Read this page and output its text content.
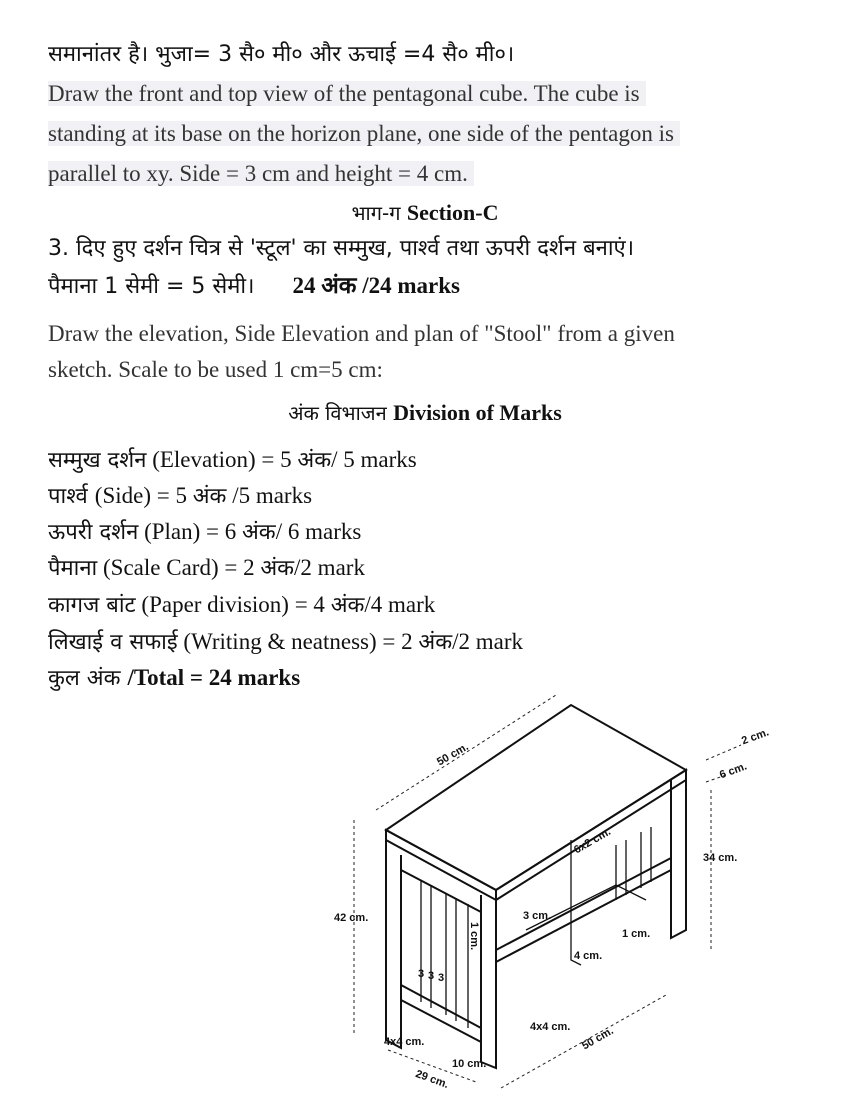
समानांतर है। भुजा= 3 सै० मी० और ऊचाई =4 सै० मी०।
Draw the front and top view of the pentagonal cube. The cube is
standing at its base on the horizon plane, one side of the pentagon is
parallel to xy. Side = 3 cm and height = 4 cm.
भाग-ग Section-C
3. दिए हुए दर्शन चित्र से 'स्टूल' का सम्मुख, पार्श्व तथा ऊपरी दर्शन बनाएं।
पैमाना 1 सेमी = 5 सेमी। 24 अंक /24 marks
Draw the elevation, Side Elevation and plan of "Stool" from a given
sketch. Scale to be used 1 cm=5 cm:
अंक विभाजन Division of Marks
सम्मुख दर्शन (Elevation) = 5 अंक/ 5 marks
पार्श्व (Side) = 5 अंक /5 marks
ऊपरी दर्शन (Plan) = 6 अंक/ 6 marks
पैमाना (Scale Card) = 2 अंक/2 mark
कागज बांट (Paper division) = 4 अंक/4 mark
लिखाई व सफाई (Writing & neatness) = 2 अंक/2 mark
कुल अंक /Total = 24 marks
50 cm.
2 cm.
6 cm.
42 cm.
34 cm.
6x2 cm.
3 cm.
1 cm.
4 cm.
1 cm.
3 3 3
4x4 cm.
4x4 cm.
10 cm.
29 cm.
50 cm.
